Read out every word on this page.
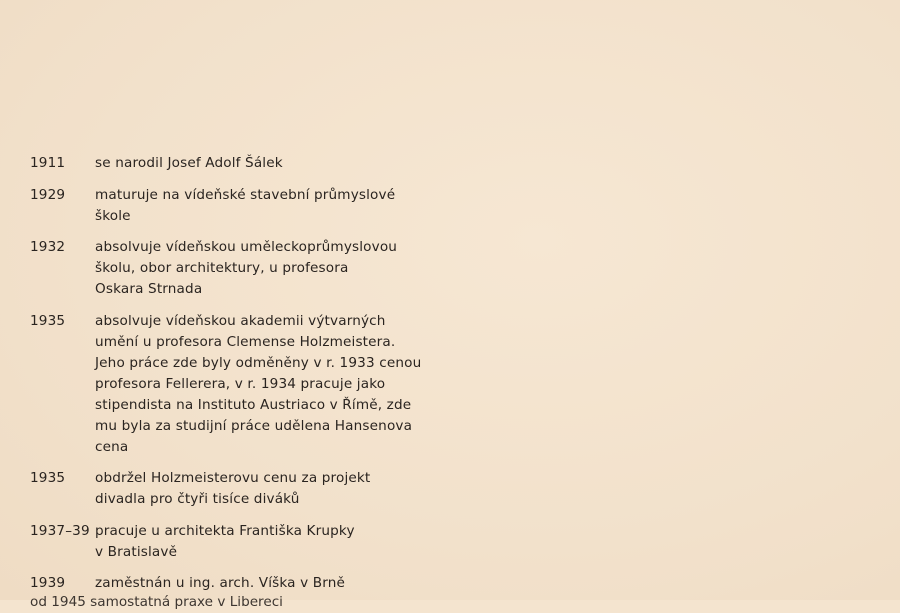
1911	se narodil Josef Adolf Šálek
1929	maturuje na vídeňské stavební průmyslové
škole
1932	absolvuje vídeňskou uměleckoprůmyslovou
školu, obor architektury, u profesora
Oskara Strnada
1935	absolvuje vídeňskou akademii výtvarných
umění u profesora Clemense Holzmeistera.
Jeho práce zde byly odměněny v r. 1933 cenou
profesora Fellerera, v r. 1934 pracuje jako
stipendista na Instituto Austriaco v Římě, zde
mu byla za studijní práce udělena Hansenova
cena
1935	obdržel Holzmeisterovu cenu za projekt
divadla pro čtyři tisíce diváků
1937–39 pracuje u architekta Františka Krupky
v Bratislavě
1939	zaměstnán u ing. arch. Víška v Brně
od 1945 samostatná praxe v Libereci
